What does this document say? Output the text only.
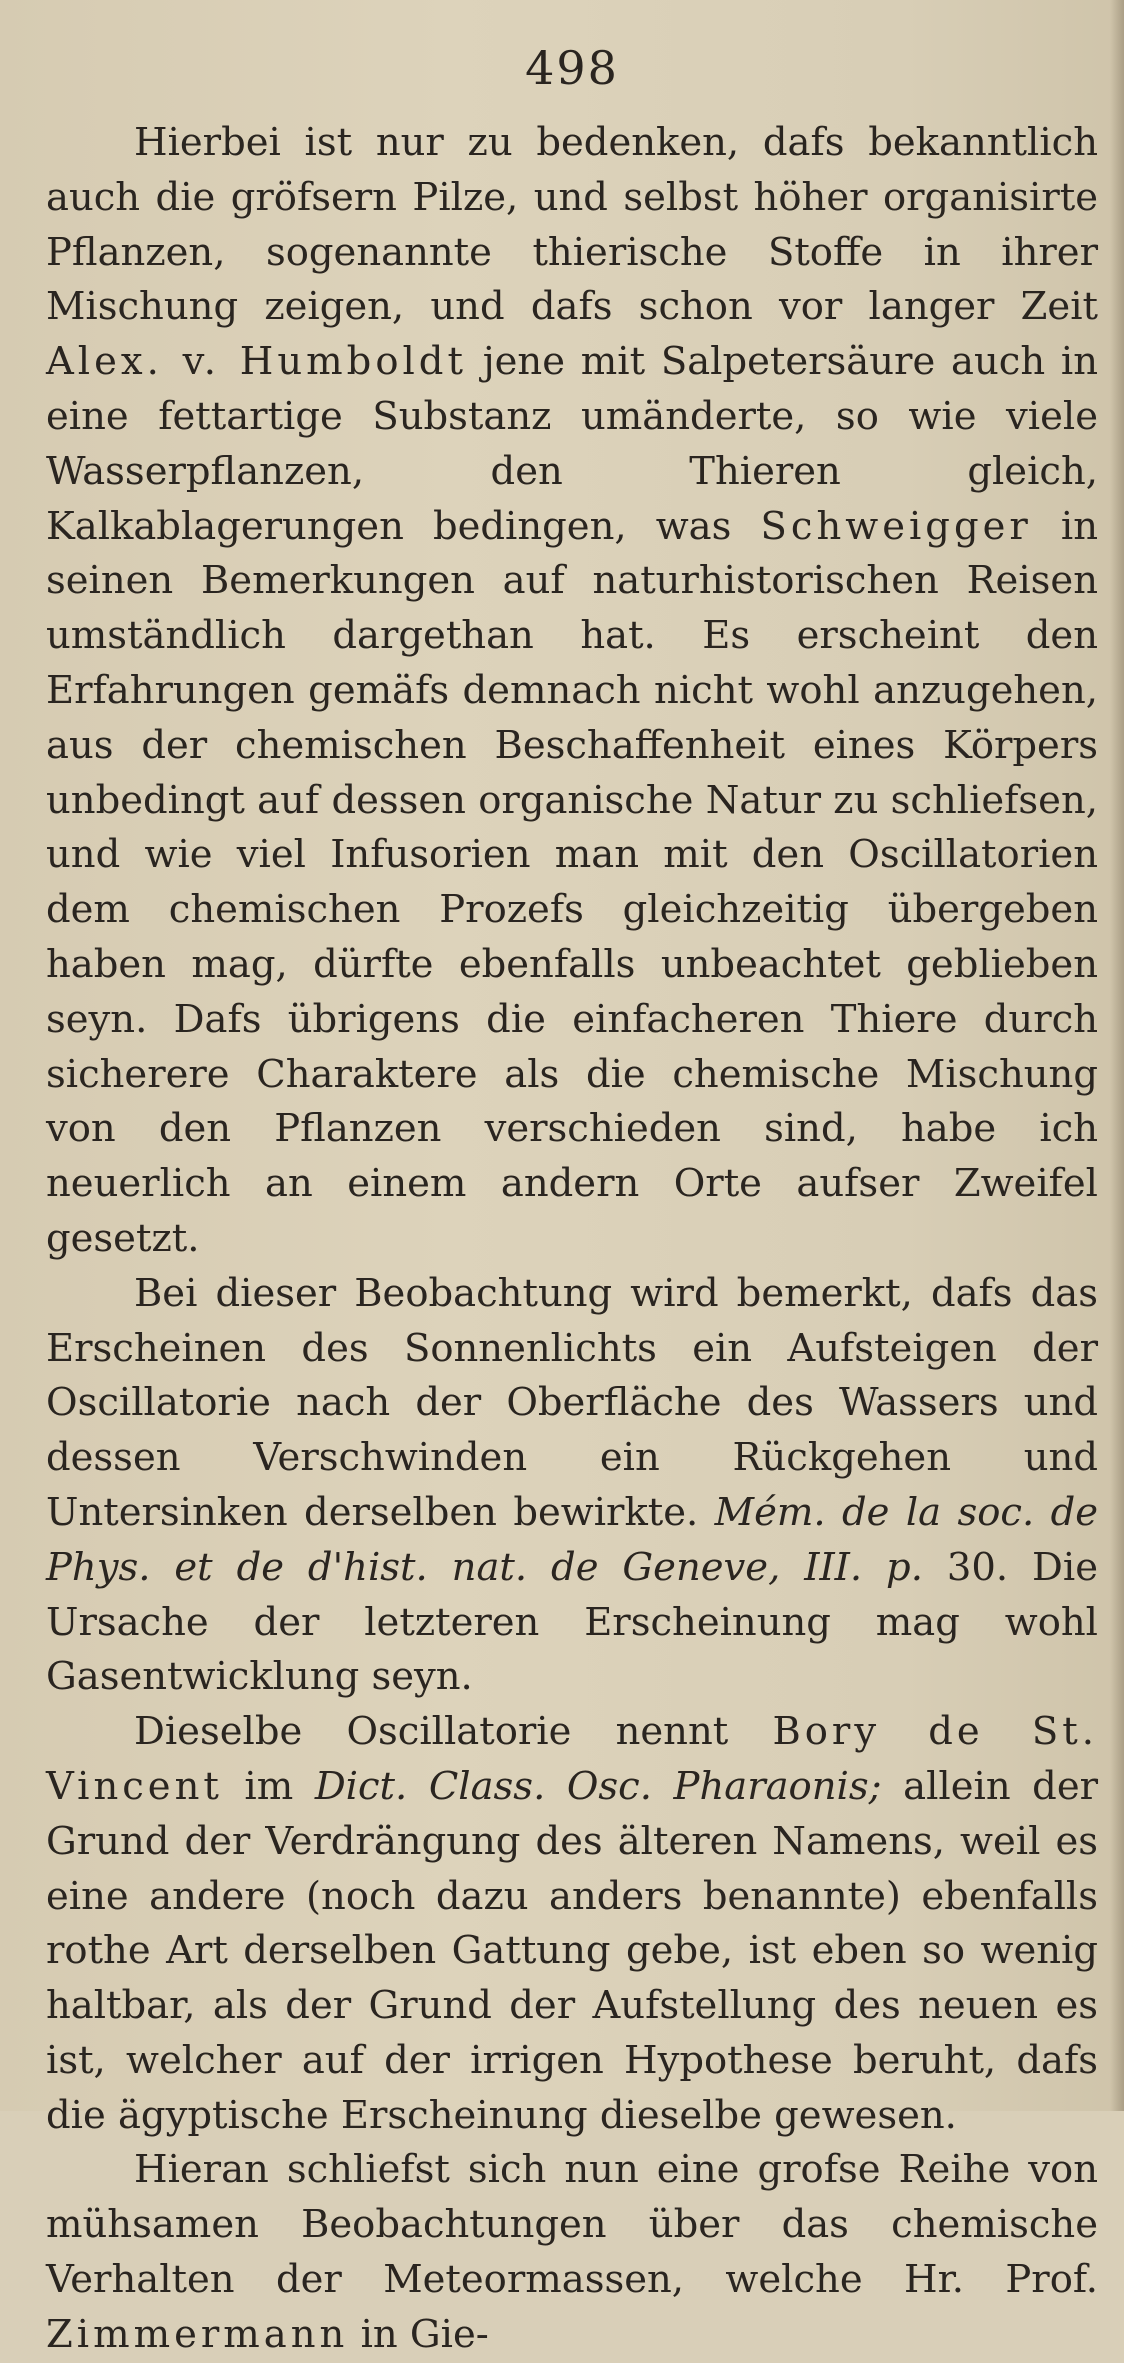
498

Hierbei ist nur zu bedenken, dafs bekanntlich auch die gröfsern Pilze, und selbst höher organisirte Pflanzen, sogenannte thierische Stoffe in ihrer Mischung zeigen, und dafs schon vor langer Zeit Alex. v. Humboldt jene mit Salpetersäure auch in eine fettartige Substanz umänderte, so wie viele Wasserpflanzen, den Thieren gleich, Kalkablagerungen bedingen, was Schweigger in seinen Bemerkungen auf naturhistorischen Reisen umständlich dargethan hat. Es erscheint den Erfahrungen gemäfs demnach nicht wohl anzugehen, aus der chemischen Beschaffenheit eines Körpers unbedingt auf dessen organische Natur zu schliefsen, und wie viel Infusorien man mit den Oscillatorien dem chemischen Prozefs gleichzeitig übergeben haben mag, dürfte ebenfalls unbeachtet geblieben seyn. Dafs übrigens die einfacheren Thiere durch sicherere Charaktere als die chemische Mischung von den Pflanzen verschieden sind, habe ich neuerlich an einem andern Orte aufser Zweifel gesetzt.

Bei dieser Beobachtung wird bemerkt, dafs das Erscheinen des Sonnenlichts ein Aufsteigen der Oscillatorie nach der Oberfläche des Wassers und dessen Verschwinden ein Rückgehen und Untersinken derselben bewirkte. Mém. de la soc. de Phys. et de d'hist. nat. de Geneve, III. p. 30. Die Ursache der letzteren Erscheinung mag wohl Gasentwicklung seyn.

Dieselbe Oscillatorie nennt Bory de St. Vincent im Dict. Class. Osc. Pharaonis; allein der Grund der Verdrängung des älteren Namens, weil es eine andere (noch dazu anders benannte) ebenfalls rothe Art derselben Gattung gebe, ist eben so wenig haltbar, als der Grund der Aufstellung des neuen es ist, welcher auf der irrigen Hypothese beruht, dafs die ägyptische Erscheinung dieselbe gewesen.

Hieran schliefst sich nun eine grofse Reihe von mühsamen Beobachtungen über das chemische Verhalten der Meteormassen, welche Hr. Prof. Zimmermann in Gie-
